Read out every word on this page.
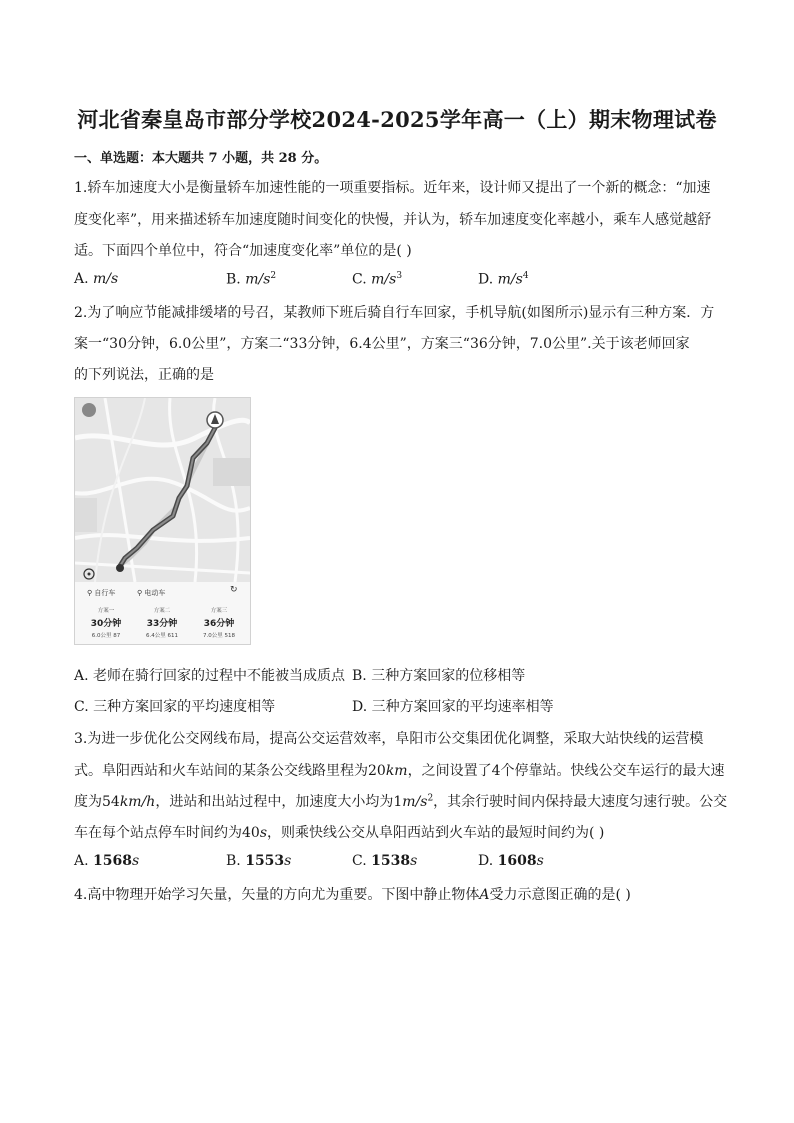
河北省秦皇岛市部分学校2024-2025学年高一（上）期末物理试卷
一、单选题：本大题共 7 小题，共 28 分。
1.轿车加速度大小是衡量轿车加速性能的一项重要指标。近年来，设计师又提出了一个新的概念：“加速
度变化率”，用来描述轿车加速度随时间变化的快慢，并认为，轿车加速度变化率越小，乘车人感觉越舒
适。下面四个单位中，符合“加速度变化率”单位的是( )
A. m/s	B. $m/s^2$	C. $m/s^3$	D. $m/s^4$
2.为了响应节能减排缓堵的号召，某教师下班后骑自行车回家，手机导航(如图所示)显示有三种方案．方
案一“30分钟，6.0公里”，方案二“33分钟，6.4公里”，方案三“36分钟，7.0公里”.关于该老师回家
的下列说法，正确的是
⚲ 自行车	⚲ 电动车	↻
方案一
30分钟
6.0公里 87
方案二
33分钟
6.4公里 611
方案三
36分钟
7.0公里 518
A. 老师在骑行回家的过程中不能被当成质点 B. 三种方案回家的位移相等
C. 三种方案回家的平均速度相等	D. 三种方案回家的平均速率相等
3.为进一步优化公交网线布局，提高公交运营效率，阜阳市公交集团优化调整，采取大站快线的运营模
式。阜阳西站和火车站间的某条公交线路里程为20km，之间设置了4个停靠站。快线公交车运行的最大速
度为54km/h，进站和出站过程中，加速度大小均为$1m/s^2$，其余行驶时间内保持最大速度匀速行驶。公交
车在每个站点停车时间约为40s，则乘快线公交从阜阳西站到火车站的最短时间约为( )
A. 1568s	B. 1553s	C. 1538s	D. 1608s
4.高中物理开始学习矢量，矢量的方向尤为重要。下图中静止物体A受力示意图正确的是( )
